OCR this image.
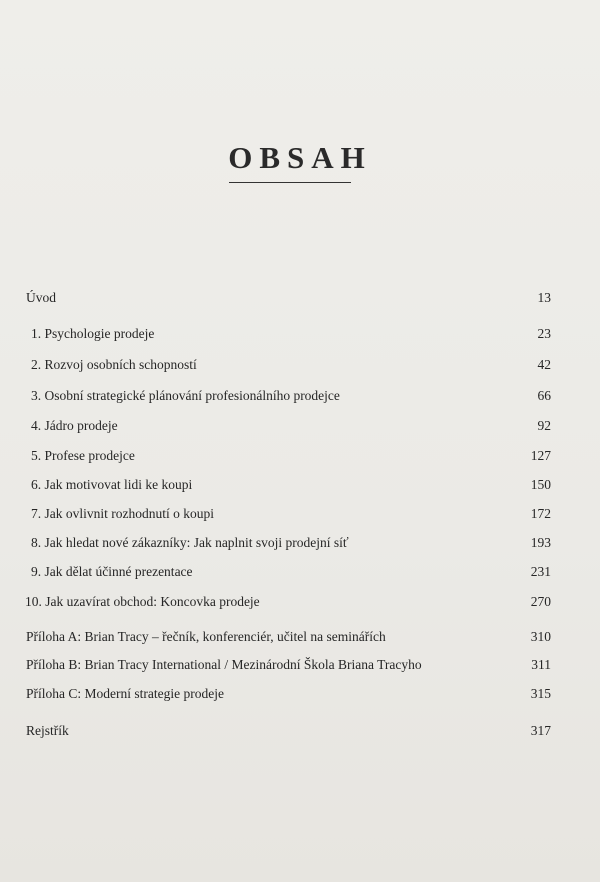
OBSAH
Úvod	13
1. Psychologie prodeje	23
2. Rozvoj osobních schopností	42
3. Osobní strategické plánování profesionálního prodejce	66
4. Jádro prodeje	92
5. Profese prodejce	127
6. Jak motivovat lidi ke koupi	150
7. Jak ovlivnit rozhodnutí o koupi	172
8. Jak hledat nové zákazníky: Jak naplnit svoji prodejní síť	193
9. Jak dělat účinné prezentace	231
10. Jak uzavírat obchod: Koncovka prodeje	270
Příloha A: Brian Tracy – řečník, konferenciér, učitel na seminářích	310
Příloha B: Brian Tracy International / Mezinárodní Škola Briana Tracyho	311
Příloha C: Moderní strategie prodeje	315
Rejstřík	317
